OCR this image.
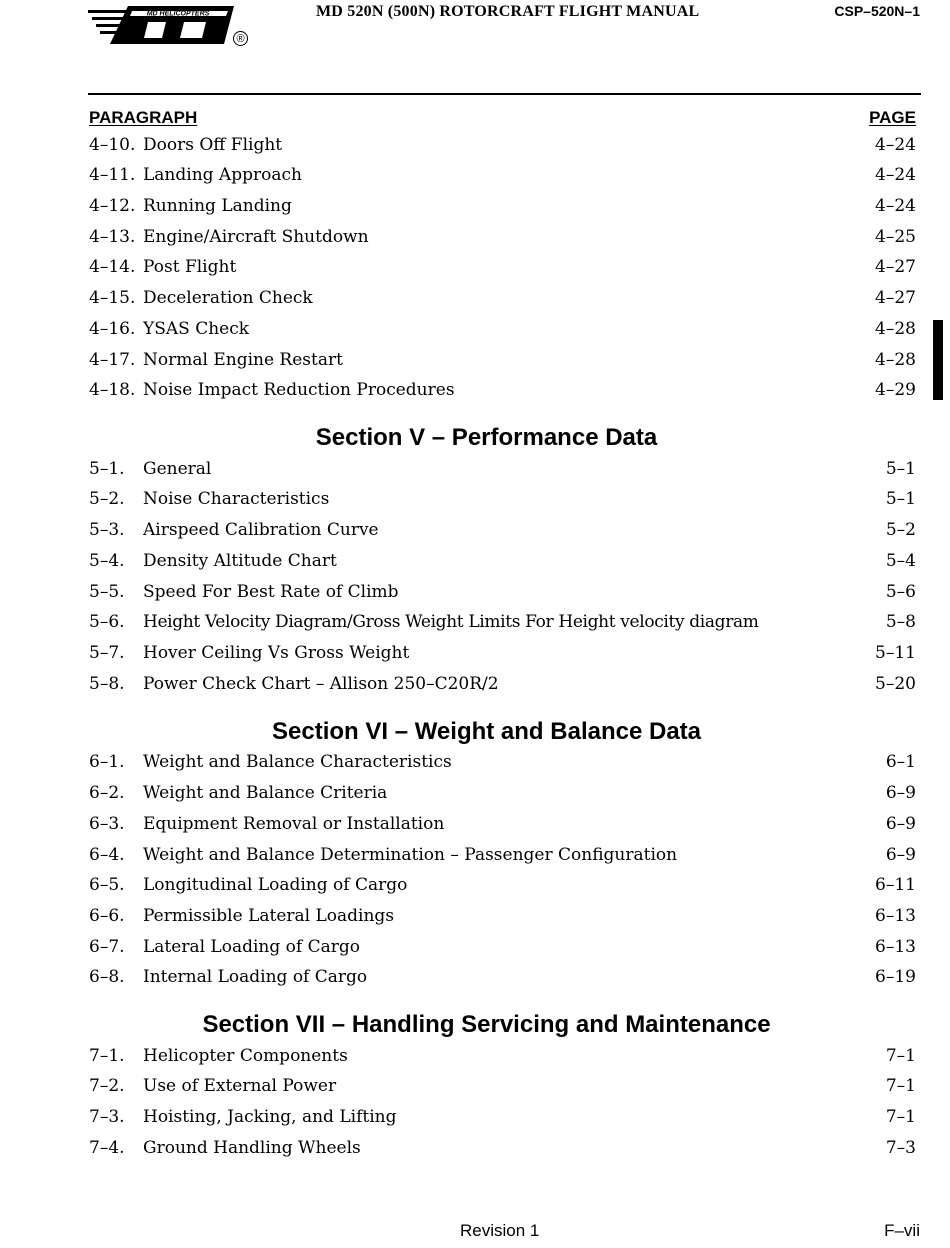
MD HELICOPTERS
®
MD 520N (500N) ROTORCRAFT FLIGHT MANUAL	CSP–520N–1
PARAGRAPH	PAGE
4–10. Doors Off Flight . . .	4–24
4–11. Landing Approach . . .	4–24
4–12. Running Landing . . .	4–24
4–13. Engine/Aircraft Shutdown . . .	4–25
4–14. Post Flight . . .	4–27
4–15. Deceleration Check . . .	4–27
4–16. YSAS Check . . .	4–28
4–17. Normal Engine Restart . . .	4–28
4–18. Noise Impact Reduction Procedures . . .	4–29
Section V – Performance Data
5–1. General . . .	5–1
5–2. Noise Characteristics . . .	5–1
5–3. Airspeed Calibration Curve . . .	5–2
5–4. Density Altitude Chart . . .	5–4
5–5. Speed For Best Rate of Climb . . .	5–6
5–6. Height Velocity Diagram/Gross Weight Limits For Height velocity diagram	5–8
5–7. Hover Ceiling Vs Gross Weight . . .	5–11
5–8. Power Check Chart – Allison 250–C20R/2 . . .	5–20
Section VI – Weight and Balance Data
6–1. Weight and Balance Characteristics . . .	6–1
6–2. Weight and Balance Criteria . . .	6–9
6–3. Equipment Removal or Installation . . .	6–9
6–4. Weight and Balance Determination – Passenger Configuration . . .	6–9
6–5. Longitudinal Loading of Cargo . . .	6–11
6–6. Permissible Lateral Loadings . . .	6–13
6–7. Lateral Loading of Cargo . . .	6–13
6–8. Internal Loading of Cargo . . .	6–19
Section VII – Handling Servicing and Maintenance
7–1. Helicopter Components . . .	7–1
7–2. Use of External Power . . .	7–1
7–3. Hoisting, Jacking, and Lifting . . .	7–1
7–4. Ground Handling Wheels . . .	7–3
Revision 1	F–vii
